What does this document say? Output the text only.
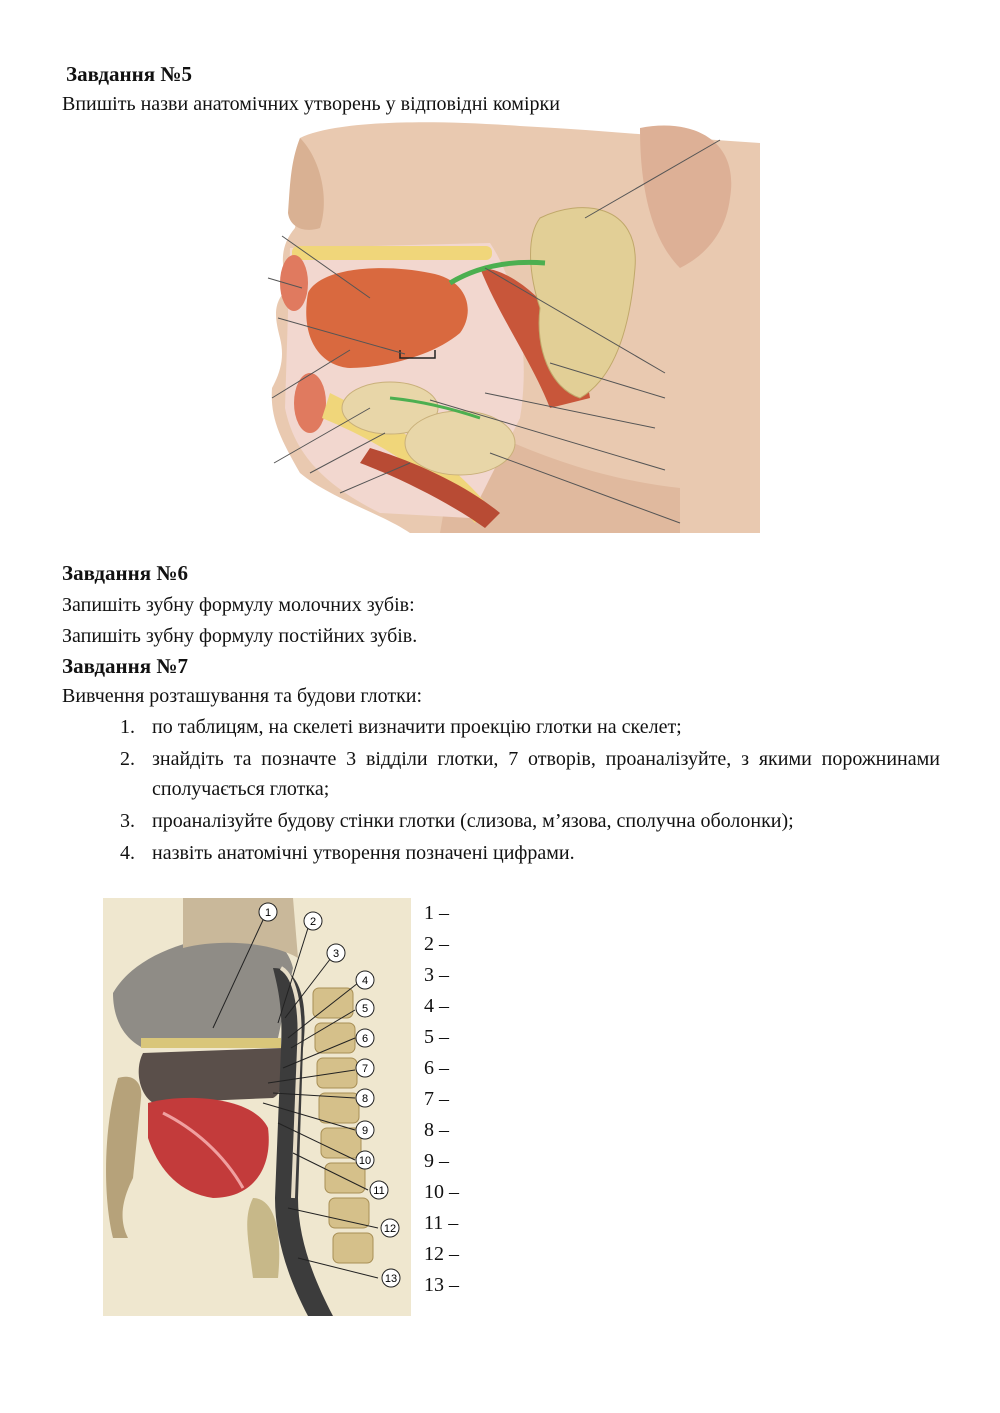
Завдання №5
Впишіть назви анатомічних утворень у відповідні комірки
Завдання №6
Запишіть зубну формулу молочних зубів:
Запишіть зубну формулу постійних зубів.
Завдання №7
Вивчення розташування та будови глотки:
1. по таблицям, на скелеті визначити проекцію глотки на скелет;
2. знайдіть та позначте 3 відділи глотки, 7 отворів, проаналізуйте, з якими порожнинами сполучається глотка;
3. проаналізуйте будову стінки глотки (слизова, м’язова, сполучна оболонки);
4. назвіть анатомічні утворення позначені цифрами.
1
2
3
4
5
6
7
8
9
10
11
12
13
1 –
2 –
3 –
4 –
5 –
6 –
7 –
8 –
9 –
10 –
11 –
12 –
13 –
